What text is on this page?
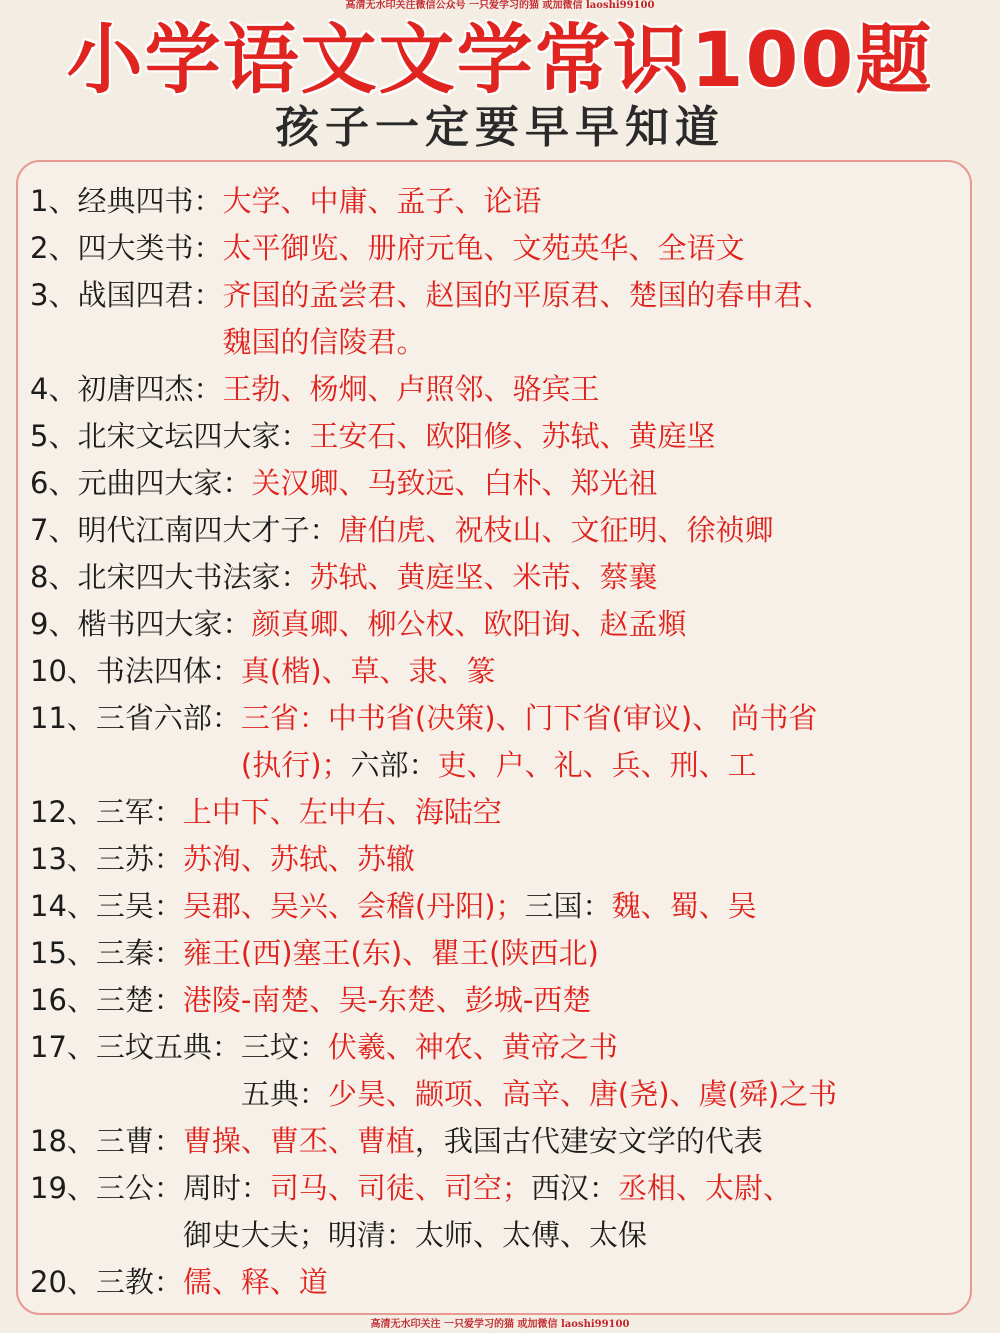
高清无水印关注微信公众号 一只爱学习的猫 或加微信 laoshi99100
小学语文文学常识100题
孩子一定要早早知道
1、经典四书： 大学、中庸、孟子、论语
2、四大类书： 太平御览、册府元龟、文苑英华、全语文
3、战国四君： 齐国的孟尝君、赵国的平原君、楚国的春申君、
魏国的信陵君。
4、初唐四杰： 王勃、杨炯、卢照邻、骆宾王
5、北宋文坛四大家： 王安石、欧阳修、苏轼、黄庭坚
6、元曲四大家： 关汉卿、马致远、白朴、郑光祖
7、明代江南四大才子： 唐伯虎、祝枝山、文征明、徐祯卿
8、北宋四大书法家： 苏轼、黄庭坚、米芾、蔡襄
9、楷书四大家： 颜真卿、柳公权、欧阳询、赵孟頫
10、书法四体： 真(楷)、草、隶、篆
11、三省六部： 三省：中书省(决策)、门下省(审议)、 尚书省
(执行)； 六部： 吏、户、礼、兵、刑、工
12、三军： 上中下、左中右、海陆空
13、三苏： 苏洵、苏轼、苏辙
14、三吴： 吴郡、吴兴、会稽(丹阳)； 三国： 魏、蜀、吴
15、三秦： 雍王(西)塞王(东)、瞿王(陕西北)
16、三楚： 港陵-南楚、吴-东楚、彭城-西楚
17、三坟五典： 三坟： 伏羲、神农、黄帝之书
五典： 少昊、颛项、高辛、唐(尧)、虞(舜)之书
18、三曹： 曹操、曹丕、曹植 ，我国古代建安文学的代表
19、三公： 周时： 司马、司徒、司空； 西汉： 丞相、太尉、
御史大夫； 明清： 太师、太傅、太保
20、三教： 儒、释、道
高清无水印关注 一只爱学习的猫 或加微信 laoshi99100
